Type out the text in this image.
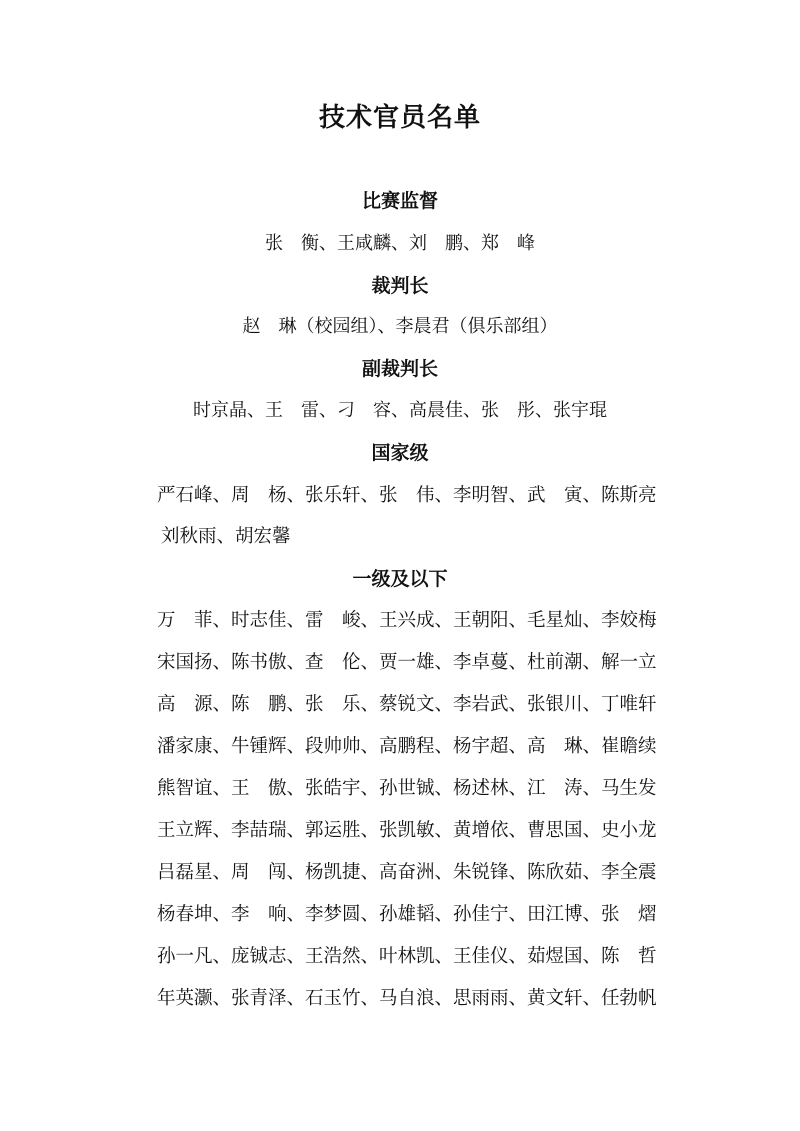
技术官员名单
比赛监督

张　衡、王咸麟、刘　鹏、郑　峰

裁判长

赵　琳（校园组）、李晨君（俱乐部组）

副裁判长

时京晶、王　雷、刁　容、高晨佳、张　彤、张宇琨

国家级

严石峰、周　杨、张乐轩、张　伟、李明智、武　寅、陈斯亮

刘秋雨、胡宏馨

一级及以下

万　菲、时志佳、雷　峻、王兴成、王朝阳、毛星灿、李姣梅

宋国扬、陈书傲、查　伦、贾一雄、李卓蔓、杜前潮、解一立

高　源、陈　鹏、张　乐、蔡锐文、李岩武、张银川、丁唯轩

潘家康、牛锺辉、段帅帅、高鹏程、杨宇超、高　琳、崔瞻续

熊智谊、王　傲、张皓宇、孙世铖、杨述林、江　涛、马生发

王立辉、李喆瑞、郭运胜、张凯敏、黄增依、曹思国、史小龙

吕磊星、周　闯、杨凯捷、高奋洲、朱锐锋、陈欣茹、李全震

杨春坤、李　响、李梦圆、孙雄韬、孙佳宁、田江博、张　熠

孙一凡、庞铖志、王浩然、叶林凯、王佳仪、茹煜国、陈　哲

年英灏、张青泽、石玉竹、马自浪、思雨雨、黄文轩、任勃帆
